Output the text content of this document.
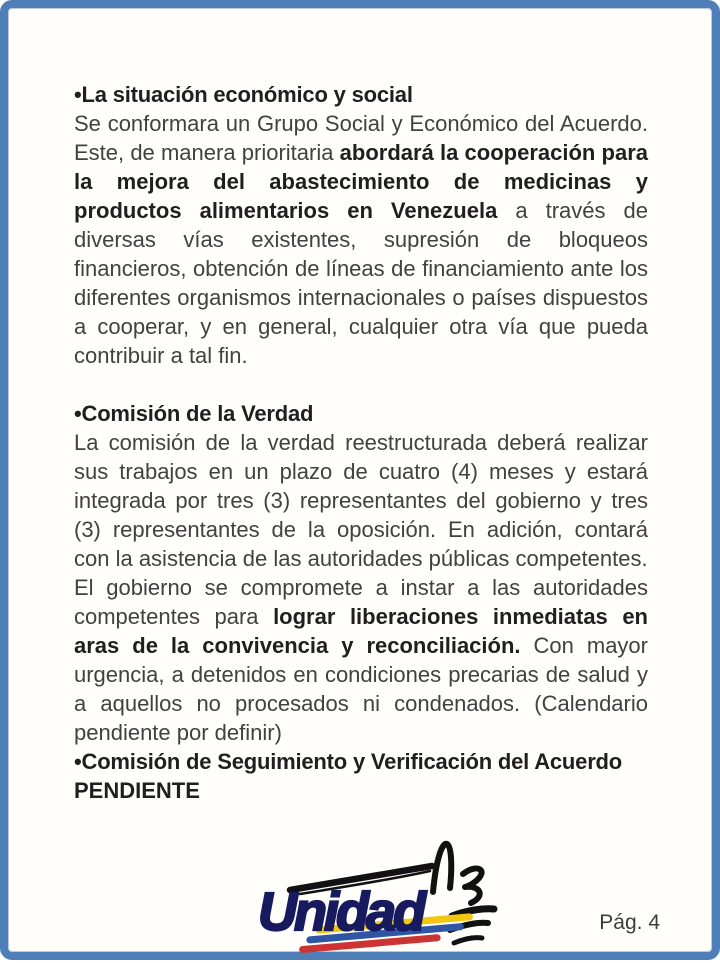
•La situación económico y social
Se conformara un Grupo Social y Económico del Acuerdo. Este, de manera prioritaria abordará la cooperación para la mejora del abastecimiento de medicinas y productos alimentarios en Venezuela a través de diversas vías existentes, supresión de bloqueos financieros, obtención de líneas de financiamiento ante los diferentes organismos internacionales o países dispuestos a cooperar, y en general, cualquier otra vía que pueda contribuir a tal fin.
•Comisión de la Verdad
La comisión de la verdad reestructurada deberá realizar sus trabajos en un plazo de cuatro (4) meses y estará integrada por tres (3) representantes del gobierno y tres (3) representantes de la oposición. En adición, contará con la asistencia de las autoridades públicas competentes.
El gobierno se compromete a instar a las autoridades competentes para lograr liberaciones inmediatas en aras de la convivencia y reconciliación. Con mayor urgencia, a detenidos en condiciones precarias de salud y a aquellos no procesados ni condenados. (Calendario pendiente por definir)
•Comisión de Seguimiento y Verificación del Acuerdo
PENDIENTE
Unidad	Pág. 4
